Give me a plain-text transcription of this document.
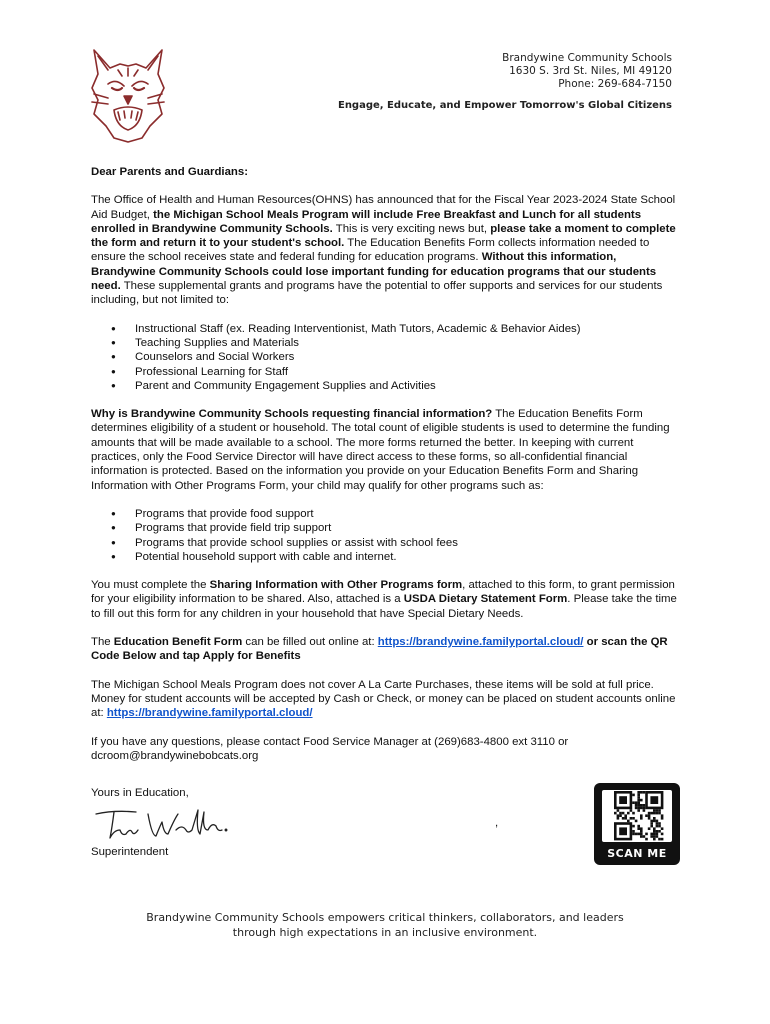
Brandywine Community Schools
1630 S. 3rd St. Niles, MI 49120
Phone: 269-684-7150
Engage, Educate, and Empower Tomorrow's Global Citizens

Dear Parents and Guardians:

The Office of Health and Human Resources(OHNS) has announced that for the Fiscal Year 2023-2024 State School Aid Budget, the Michigan School Meals Program will include Free Breakfast and Lunch for all students enrolled in Brandywine Community Schools. This is very exciting news but, please take a moment to complete the form and return it to your student's school. The Education Benefits Form collects information needed to ensure the school receives state and federal funding for education programs. Without this information, Brandywine Community Schools could lose important funding for education programs that our students need. These supplemental grants and programs have the potential to offer supports and services for our students including, but not limited to:

● Instructional Staff (ex. Reading Interventionist, Math Tutors, Academic & Behavior Aides)
● Teaching Supplies and Materials
● Counselors and Social Workers
● Professional Learning for Staff
● Parent and Community Engagement Supplies and Activities

Why is Brandywine Community Schools requesting financial information? The Education Benefits Form determines eligibility of a student or household. The total count of eligible students is used to determine the funding amounts that will be made available to a school. The more forms returned the better. In keeping with current practices, only the Food Service Director will have direct access to these forms, so all-confidential financial information is protected. Based on the information you provide on your Education Benefits Form and Sharing Information with Other Programs Form, your child may qualify for other programs such as:

● Programs that provide food support
● Programs that provide field trip support
● Programs that provide school supplies or assist with school fees
● Potential household support with cable and internet.

You must complete the Sharing Information with Other Programs form, attached to this form, to grant permission for your eligibility information to be shared. Also, attached is a USDA Dietary Statement Form. Please take the time to fill out this form for any children in your household that have Special Dietary Needs.

The Education Benefit Form can be filled out online at: https://brandywine.familyportal.cloud/ or scan the QR Code Below and tap Apply for Benefits

The Michigan School Meals Program does not cover A La Carte Purchases, these items will be sold at full price. Money for student accounts will be accepted by Cash or Check, or money can be placed on student accounts online at: https://brandywine.familyportal.cloud/

If you have any questions, please contact Food Service Manager at (269)683-4800 ext 3110 or dcroom@brandywinebobcats.org

Yours in Education,
,
Superintendent	SCAN ME
Brandywine Community Schools empowers critical thinkers, collaborators, and leaders
through high expectations in an inclusive environment.
